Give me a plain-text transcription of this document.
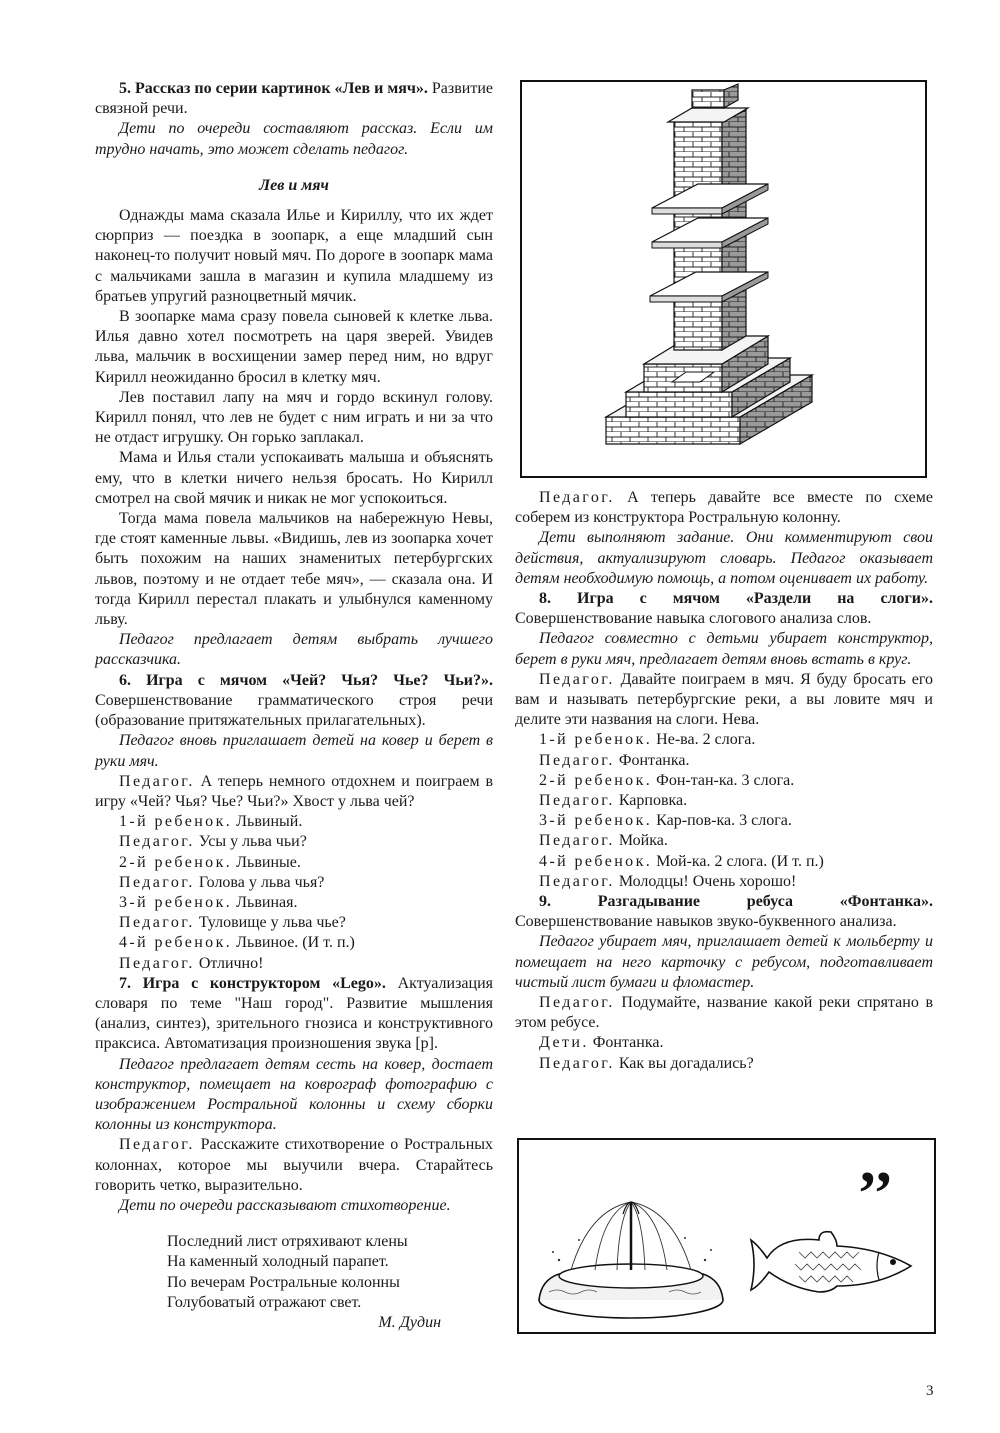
5. Рассказ по серии картинок «Лев и мяч». Развитие связной речи.

Дети по очереди составляют рассказ. Если им трудно начать, это может сделать педагог.

Лев и мяч

Однажды мама сказала Илье и Кириллу, что их ждет сюрприз — поездка в зоопарк, а еще младший сын наконец-то получит новый мяч. По дороге в зоопарк мама с мальчиками зашла в магазин и купила младшему из братьев упругий разноцветный мячик.

В зоопарке мама сразу повела сыновей к клетке льва. Илья давно хотел посмотреть на царя зверей. Увидев льва, мальчик в восхищении замер перед ним, но вдруг Кирилл неожиданно бросил в клетку мяч.

Лев поставил лапу на мяч и гордо вскинул голову. Кирилл понял, что лев не будет с ним играть и ни за что не отдаст игрушку. Он горько заплакал.

Мама и Илья стали успокаивать малыша и объяснять ему, что в клетки ничего нельзя бросать. Но Кирилл смотрел на свой мячик и никак не мог успокоиться.

Тогда мама повела мальчиков на набережную Невы, где стоят каменные львы. «Видишь, лев из зоопарка хочет быть похожим на наших знаменитых петербургских львов, поэтому и не отдает тебе мяч», — сказала она. И тогда Кирилл перестал плакать и улыбнулся каменному льву.

Педагог предлагает детям выбрать лучшего рассказчика.

6. Игра с мячом «Чей? Чья? Чье? Чьи?». Совершенствование грамматического строя речи (образование притяжательных прилагательных).

Педагог вновь приглашает детей на ковер и берет в руки мяч.

Педагог. А теперь немного отдохнем и поиграем в игру «Чей? Чья? Чье? Чьи?» Хвост у льва чей?

1-й ребенок. Львиный.

Педагог. Усы у льва чьи?

2-й ребенок. Львиные.

Педагог. Голова у льва чья?

3-й ребенок. Львиная.

Педагог. Туловище у льва чье?

4-й ребенок. Львиное. (И т. п.)

Педагог. Отлично!

7. Игра с конструктором «Lego». Актуализация словаря по теме "Наш город". Развитие мышления (анализ, синтез), зрительного гнозиса и конструктивного праксиса. Автоматизация произношения звука [р].

Педагог предлагает детям сесть на ковер, достает конструктор, помещает на коврограф фотографию с изображением Ростральной колонны и схему сборки колонны из конструктора.

Педагог. Расскажите стихотворение о Ростральных колоннах, которое мы выучили вчера. Старайтесь говорить четко, выразительно.

Дети по очереди рассказывают стихотворение.

Последний лист отряхивают клены

На каменный холодный парапет.

По вечерам Ростральные колонны

Голубоватый отражают свет.

М. Дудин

Педагог. А теперь давайте все вместе по схеме соберем из конструктора Ростральную колонну.

Дети выполняют задание. Они комментируют свои действия, актуализируют словарь. Педагог оказывает детям необходимую помощь, а потом оценивает их работу.

8. Игра с мячом «Раздели на слоги». Совершенствование навыка слогового анализа слов.

Педагог совместно с детьми убирает конструктор, берет в руки мяч, предлагает детям вновь встать в круг.

Педагог. Давайте поиграем в мяч. Я буду бросать его вам и называть петербургские реки, а вы ловите мяч и делите эти названия на слоги. Нева.

1-й ребенок. Не-ва. 2 слога.

Педагог. Фонтанка.

2-й ребенок. Фон-тан-ка. 3 слога.

Педагог. Карповка.

3-й ребенок. Кар-пов-ка. 3 слога.

Педагог. Мойка.

4-й ребенок. Мой-ка. 2 слога. (И т. п.)

Педагог. Молодцы! Очень хорошо!

9. Разгадывание ребуса «Фонтанка». Совершенствование навыков звуко-буквенного анализа.

Педагог убирает мяч, приглашает детей к мольберту и помещает на него карточку с ребусом, подготавливает чистый лист бумаги и фломастер.

Педагог. Подумайте, название какой реки спрятано в этом ребусе.

Дети. Фонтанка.

Педагог. Как вы догадались?

’’
3
